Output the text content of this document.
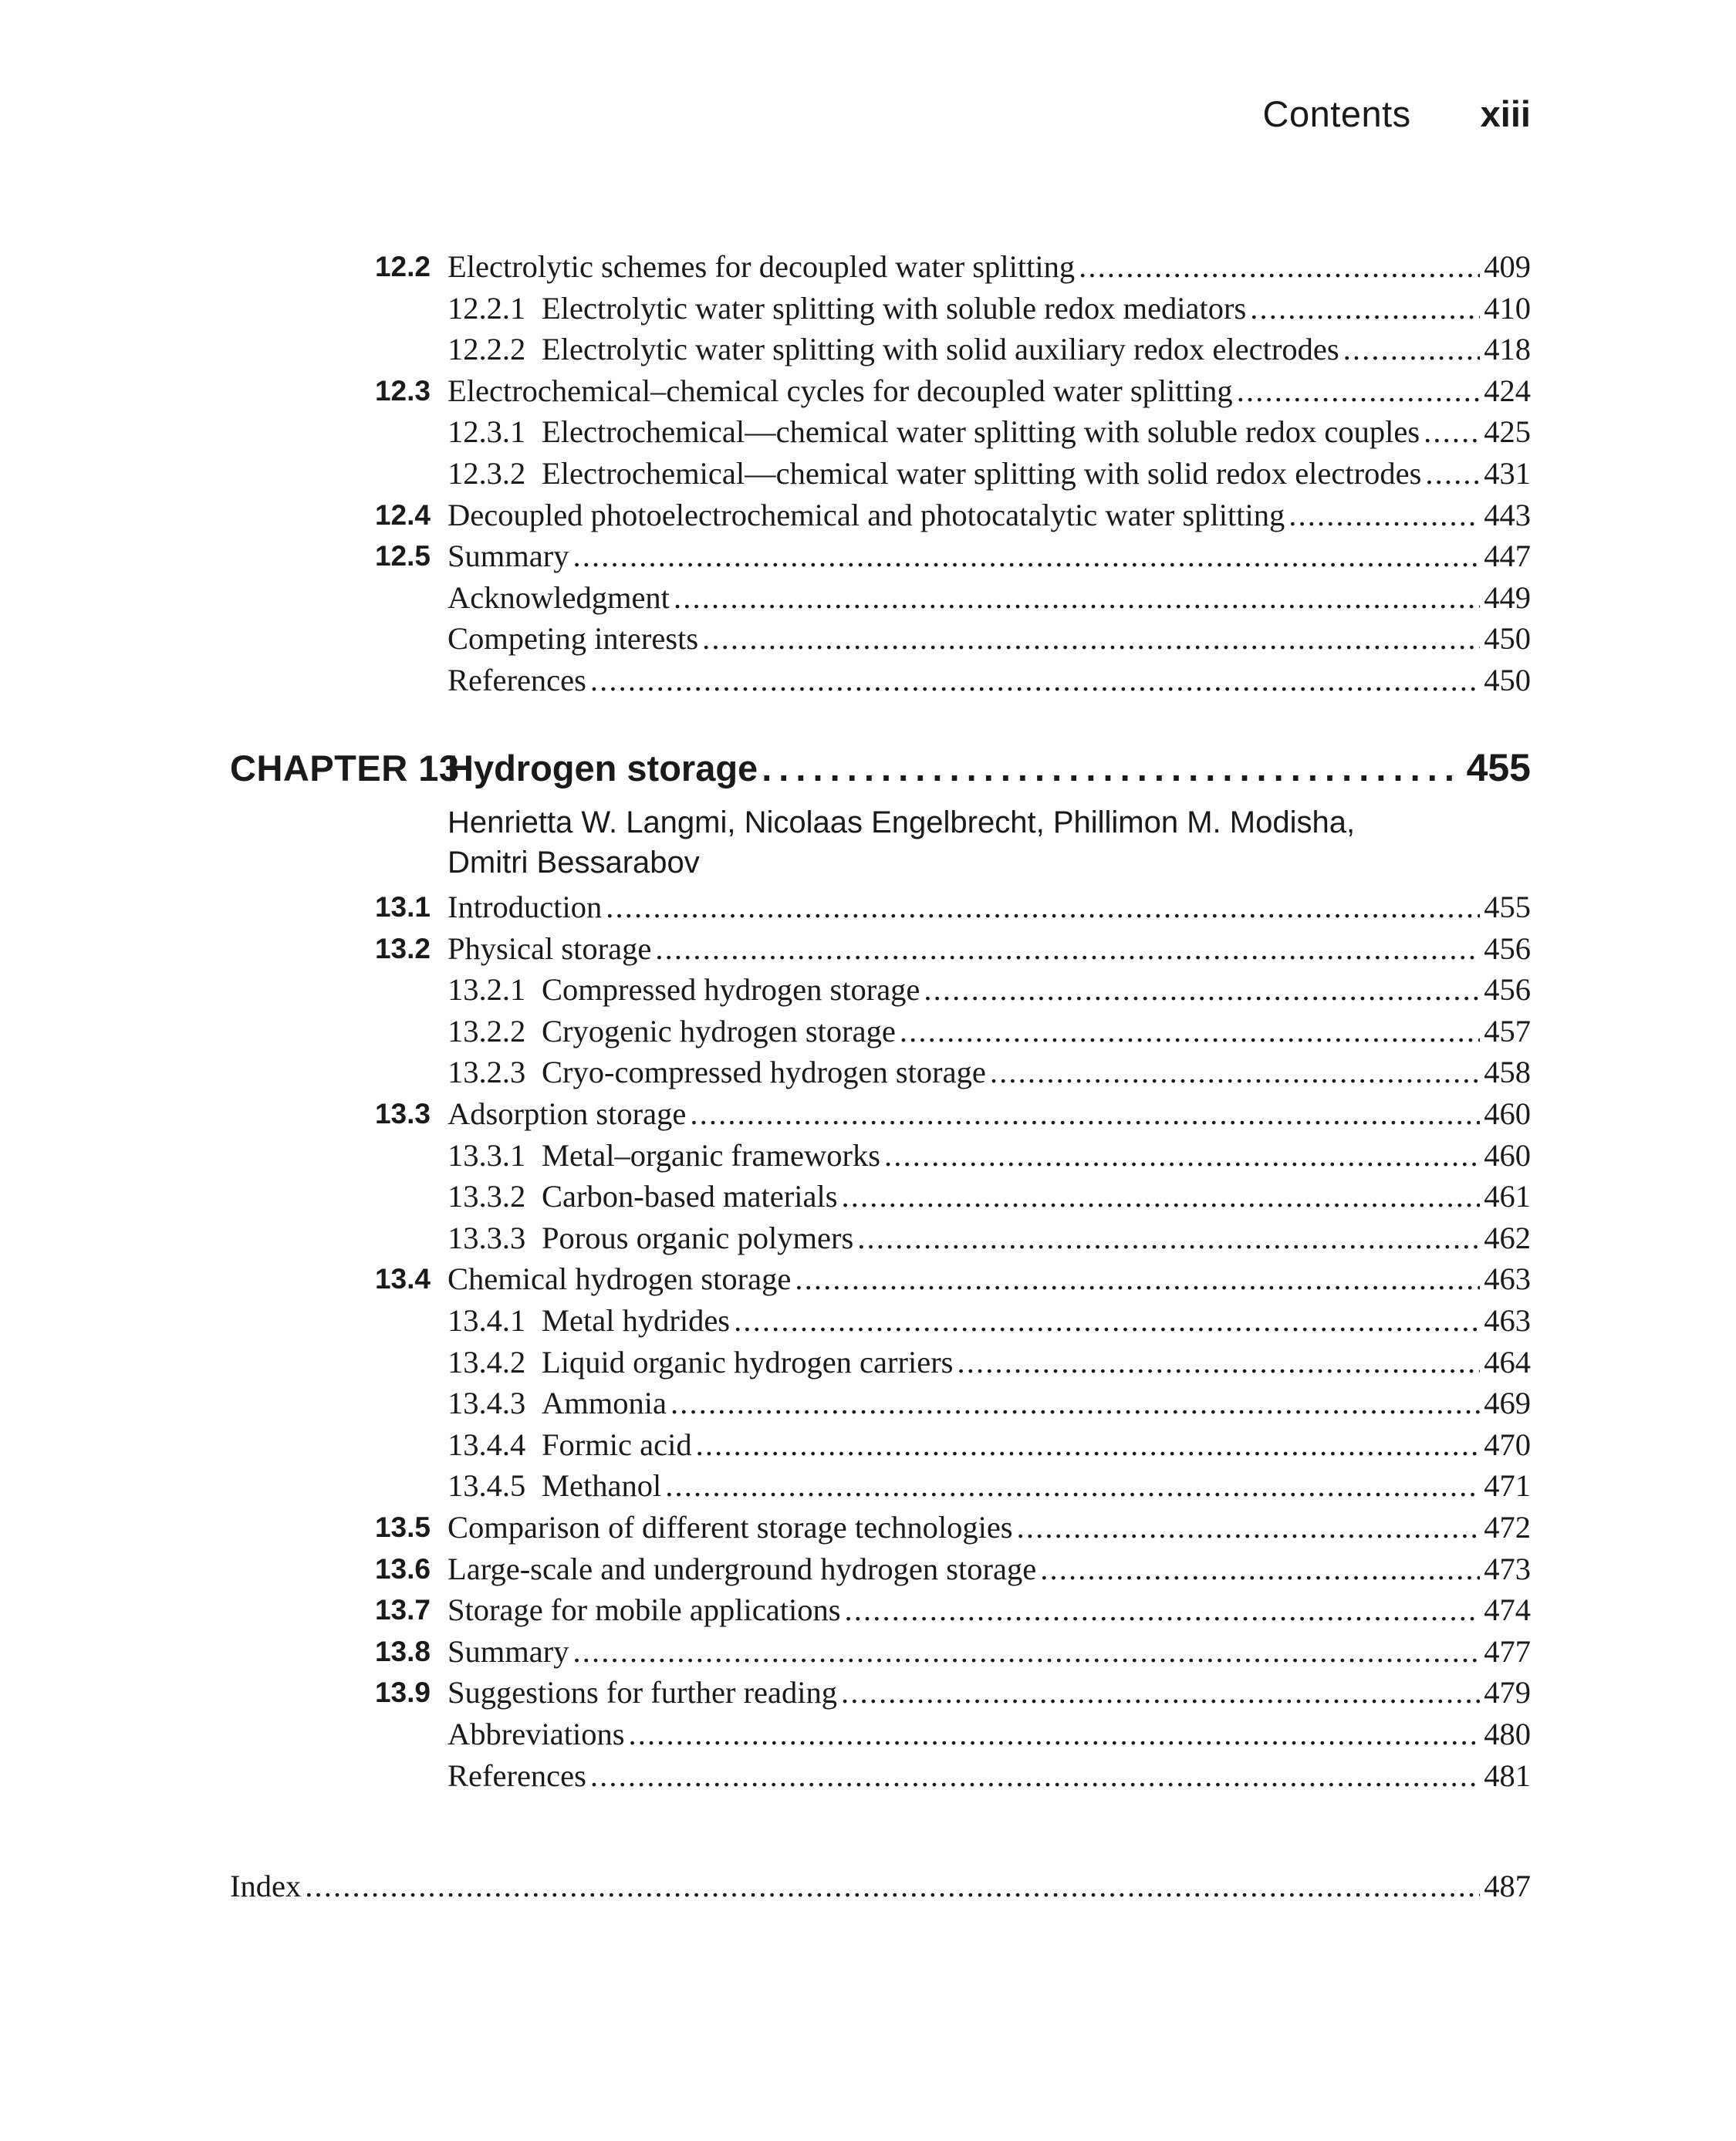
Contents xiii
12.2 Electrolytic schemes for decoupled water splitting . . .	409
12.2.1 Electrolytic water splitting with soluble redox mediators . . .	410
12.2.2 Electrolytic water splitting with solid auxiliary redox electrodes . . .	418
12.3 Electrochemical–chemical cycles for decoupled water splitting . . .	424
12.3.1 Electrochemical—chemical water splitting with soluble redox couples . . . 425
12.3.2 Electrochemical—chemical water splitting with solid redox electrodes . . . 431
12.4 Decoupled photoelectrochemical and photocatalytic water splitting . . .	443
12.5 Summary . . .	447
Acknowledgment . . .	449
Competing interests . . .	450
References . . .	450
CHAPTER 13
Hydrogen storage . . .	455
Henrietta W. Langmi, Nicolaas Engelbrecht, Phillimon M. Modisha,
Dmitri Bessarabov
13.1 Introduction . . .	455
13.2 Physical storage . . .	456
13.2.1 Compressed hydrogen storage . . .	456
13.2.2 Cryogenic hydrogen storage . . .	457
13.2.3 Cryo-compressed hydrogen storage . . .	458
13.3 Adsorption storage . . .	460
13.3.1 Metal–organic frameworks . . .	460
13.3.2 Carbon-based materials . . .	461
13.3.3 Porous organic polymers . . .	462
13.4 Chemical hydrogen storage . . .	463
13.4.1 Metal hydrides . . .	463
13.4.2 Liquid organic hydrogen carriers . . .	464
13.4.3 Ammonia . . .	469
13.4.4 Formic acid . . .	470
13.4.5 Methanol . . .	471
13.5 Comparison of different storage technologies . . .	472
13.6 Large-scale and underground hydrogen storage . . .	473
13.7 Storage for mobile applications . . .	474
13.8 Summary . . .	477
13.9 Suggestions for further reading . . .	479
Abbreviations . . .	480
References . . .	481
Index . . .	487
